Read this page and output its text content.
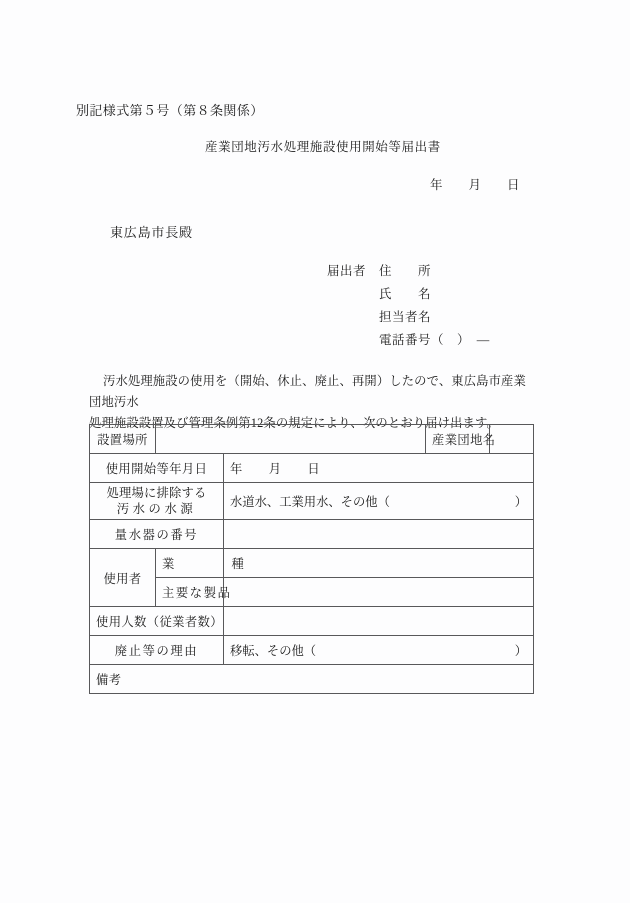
別記様式第５号（第８条関係）
産業団地汚水処理施設使用開始等届出書
年 月 日
東広島市長殿
届出者	住　　所
氏　　名
担当者名
電話番号（　）　―
汚水処理施設の使用を（開始、休止、廃止、再開）したので、東広島市産業団地汚水
処理施設設置及び管理条例第12条の規定により、次のとおり届け出ます。
設置場所			産業団地名	
使用開始等年月日		年 月 日		

処理場に排除する
汚水の水源	水道水、工業用水、その他（	）

量水器の番号				
使用者	業　　　　種			
	主要な製品			
使用人数（従業者数）				
廃止等の理由		移転、その他（ ）		

備考				
